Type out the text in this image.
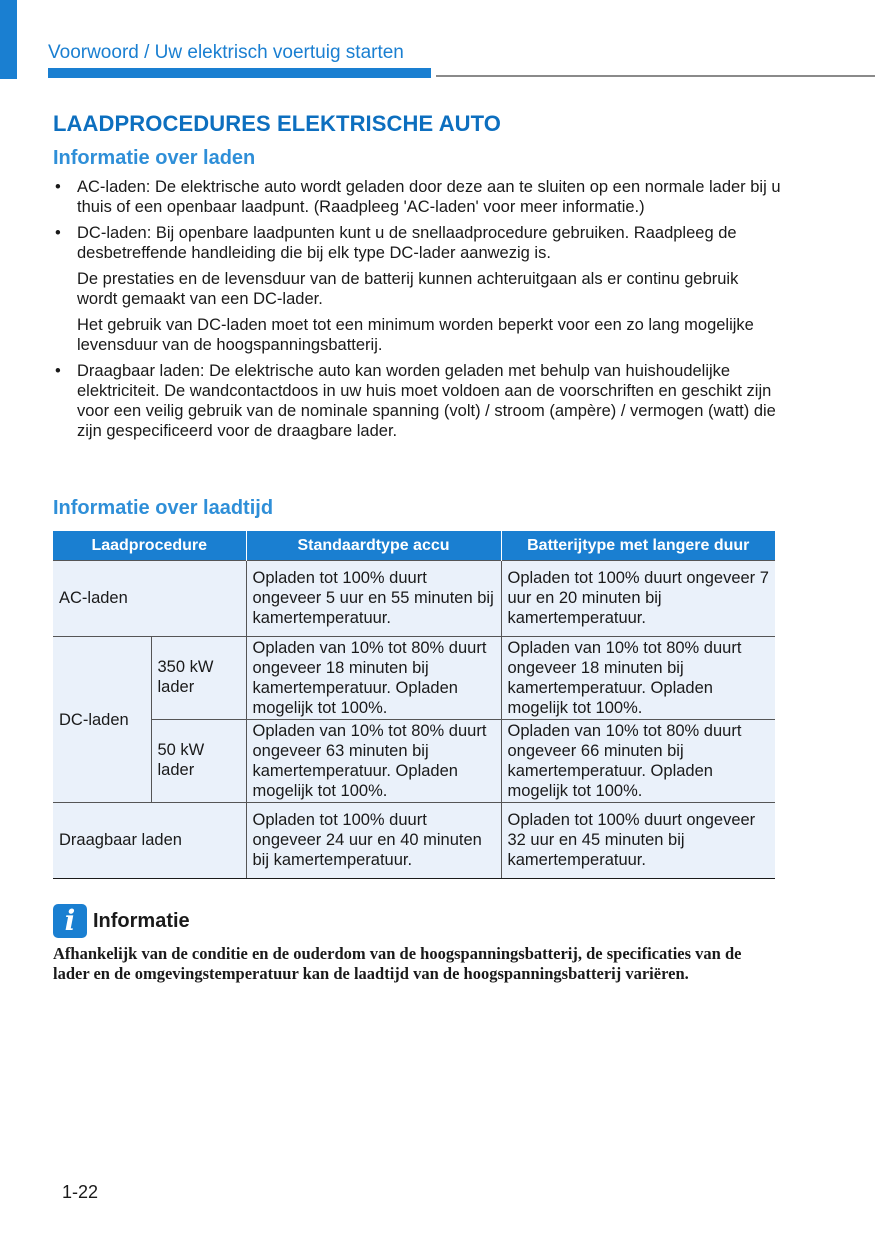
Voorwoord / Uw elektrisch voertuig starten
LAADPROCEDURES ELEKTRISCHE AUTO
Informatie over laden
• AC-laden: De elektrische auto wordt geladen door deze aan te sluiten op een normale lader bij u thuis of een openbaar laadpunt. (Raadpleeg 'AC-laden' voor meer informatie.)

• DC-laden: Bij openbare laadpunten kunt u de snellaadprocedure gebruiken. Raadpleeg de desbetreffende handleiding die bij elk type DC-lader aanwezig is.

De prestaties en de levensduur van de batterij kunnen achteruitgaan als er continu gebruik wordt gemaakt van een DC-lader.

Het gebruik van DC-laden moet tot een minimum worden beperkt voor een zo lang mogelijke levensduur van de hoogspanningsbatterij.

• Draagbaar laden: De elektrische auto kan worden geladen met behulp van huishoudelijke elektriciteit. De wandcontactdoos in uw huis moet voldoen aan de voorschriften en geschikt zijn voor een veilig gebruik van de nominale spanning (volt) / stroom (ampère) / vermogen (watt) die zijn gespecificeerd voor de draagbare lader.

Informatie over laadtijd
Laadprocedure		Standaardtype accu	Batterijtype met langere duur
AC-laden		Opladen tot 100% duurt ongeveer 5 uur en 55 minuten bij kamertemperatuur.	Opladen tot 100% duurt ongeveer 7 uur en 20 minuten bij kamertemperatuur.
DC-laden	350 kW lader	Opladen van 10% tot 80% duurt ongeveer 18 minuten bij kamertemperatuur. Opladen mogelijk tot 100%.	Opladen van 10% tot 80% duurt ongeveer 18 minuten bij kamertemperatuur. Opladen mogelijk tot 100%.
	50 kW lader	Opladen van 10% tot 80% duurt ongeveer 63 minuten bij kamertemperatuur. Opladen mogelijk tot 100%.	Opladen van 10% tot 80% duurt ongeveer 66 minuten bij kamertemperatuur. Opladen mogelijk tot 100%.
Draagbaar laden		Opladen tot 100% duurt ongeveer 24 uur en 40 minuten bij kamertemperatuur.	Opladen tot 100% duurt ongeveer 32 uur en 45 minuten bij kamertemperatuur.
i Informatie

Afhankelijk van de conditie en de ouderdom van de hoogspanningsbatterij, de specificaties van de lader en de omgevingstemperatuur kan de laadtijd van de hoogspanningsbatterij variëren.

1-22
